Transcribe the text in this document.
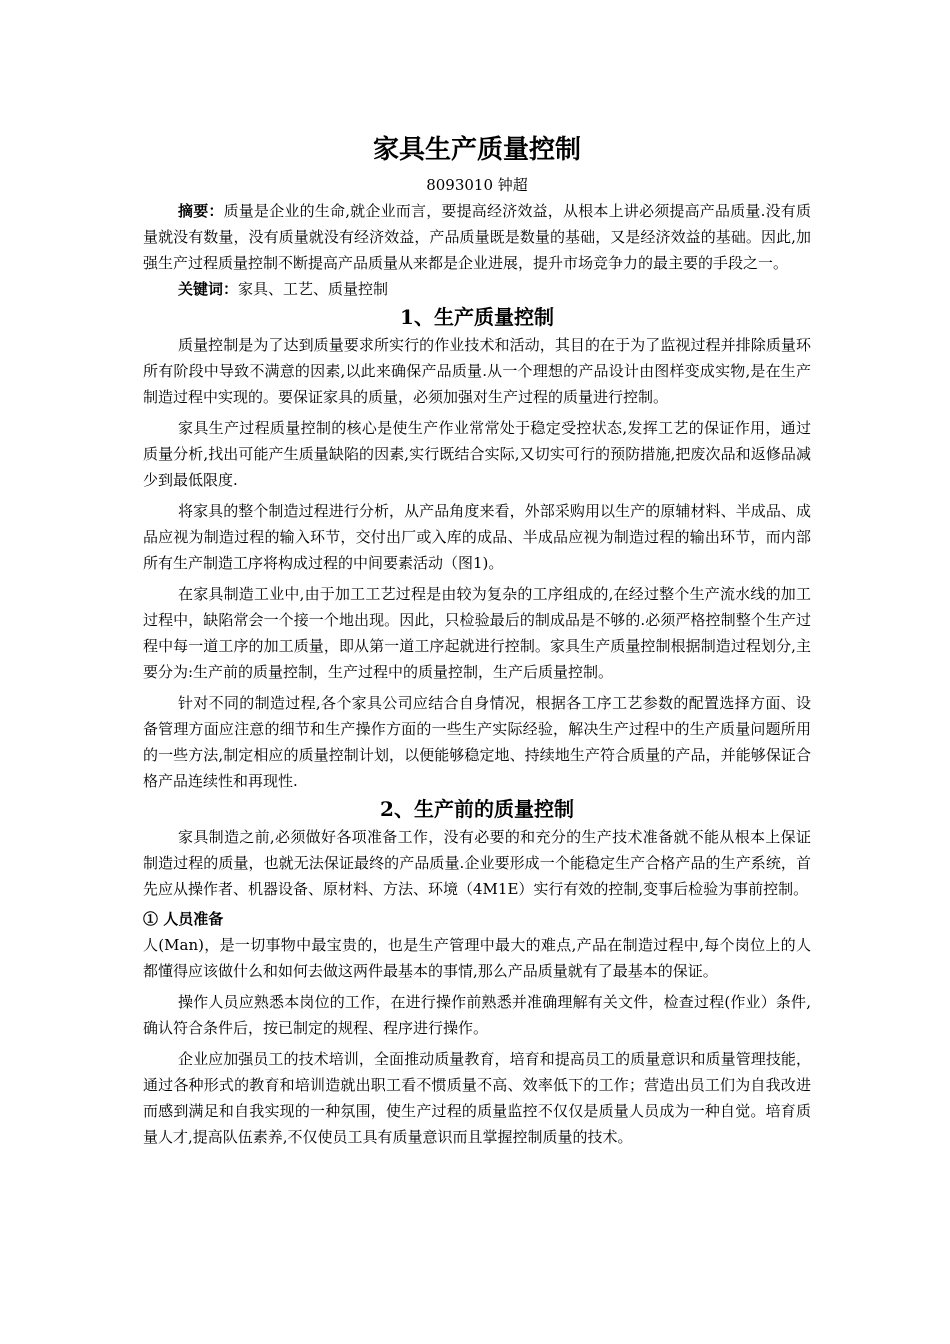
家具生产质量控制
8093010 钟超

摘要：质量是企业的生命,就企业而言，要提高经济效益，从根本上讲必须提高产品质量.没有质量就没有数量，没有质量就没有经济效益，产品质量既是数量的基础，又是经济效益的基础。因此,加强生产过程质量控制不断提高产品质量从来都是企业进展，提升市场竞争力的最主要的手段之一。

关键词：家具、工艺、质量控制

1、生产质量控制

质量控制是为了达到质量要求所实行的作业技术和活动，其目的在于为了监视过程并排除质量环所有阶段中导致不满意的因素,以此来确保产品质量.从一个理想的产品设计由图样变成实物,是在生产制造过程中实现的。要保证家具的质量，必须加强对生产过程的质量进行控制。

家具生产过程质量控制的核心是使生产作业常常处于稳定受控状态,发挥工艺的保证作用，通过质量分析,找出可能产生质量缺陷的因素,实行既结合实际,又切实可行的预防措施,把废次品和返修品减少到最低限度.

将家具的整个制造过程进行分析，从产品角度来看，外部采购用以生产的原辅材料、半成品、成品应视为制造过程的输入环节，交付出厂或入库的成品、半成品应视为制造过程的输出环节，而内部所有生产制造工序将构成过程的中间要素活动（图1)。

在家具制造工业中,由于加工工艺过程是由较为复杂的工序组成的,在经过整个生产流水线的加工过程中，缺陷常会一个接一个地出现。因此，只检验最后的制成品是不够的.必须严格控制整个生产过程中每一道工序的加工质量，即从第一道工序起就进行控制。家具生产质量控制根据制造过程划分,主要分为:生产前的质量控制，生产过程中的质量控制，生产后质量控制。

针对不同的制造过程,各个家具公司应结合自身情况，根据各工序工艺参数的配置选择方面、设备管理方面应注意的细节和生产操作方面的一些生产实际经验，解决生产过程中的生产质量问题所用的一些方法,制定相应的质量控制计划，以便能够稳定地、持续地生产符合质量的产品，并能够保证合格产品连续性和再现性.

2、生产前的质量控制

家具制造之前,必须做好各项准备工作，没有必要的和充分的生产技术准备就不能从根本上保证制造过程的质量，也就无法保证最终的产品质量.企业要形成一个能稳定生产合格产品的生产系统，首先应从操作者、机器设备、原材料、方法、环境（4M1E）实行有效的控制,变事后检验为事前控制。

① 人员准备

人(Man)，是一切事物中最宝贵的，也是生产管理中最大的难点,产品在制造过程中,每个岗位上的人都懂得应该做什么和如何去做这两件最基本的事情,那么产品质量就有了最基本的保证。

操作人员应熟悉本岗位的工作，在进行操作前熟悉并准确理解有关文件，检查过程(作业）条件,确认符合条件后，按已制定的规程、程序进行操作。

企业应加强员工的技术培训，全面推动质量教育，培育和提高员工的质量意识和质量管理技能，通过各种形式的教育和培训造就出职工看不惯质量不高、效率低下的工作；营造出员工们为自我改进而感到满足和自我实现的一种氛围，使生产过程的质量监控不仅仅是质量人员成为一种自觉。培育质量人才,提高队伍素养,不仅使员工具有质量意识而且掌握控制质量的技术。
